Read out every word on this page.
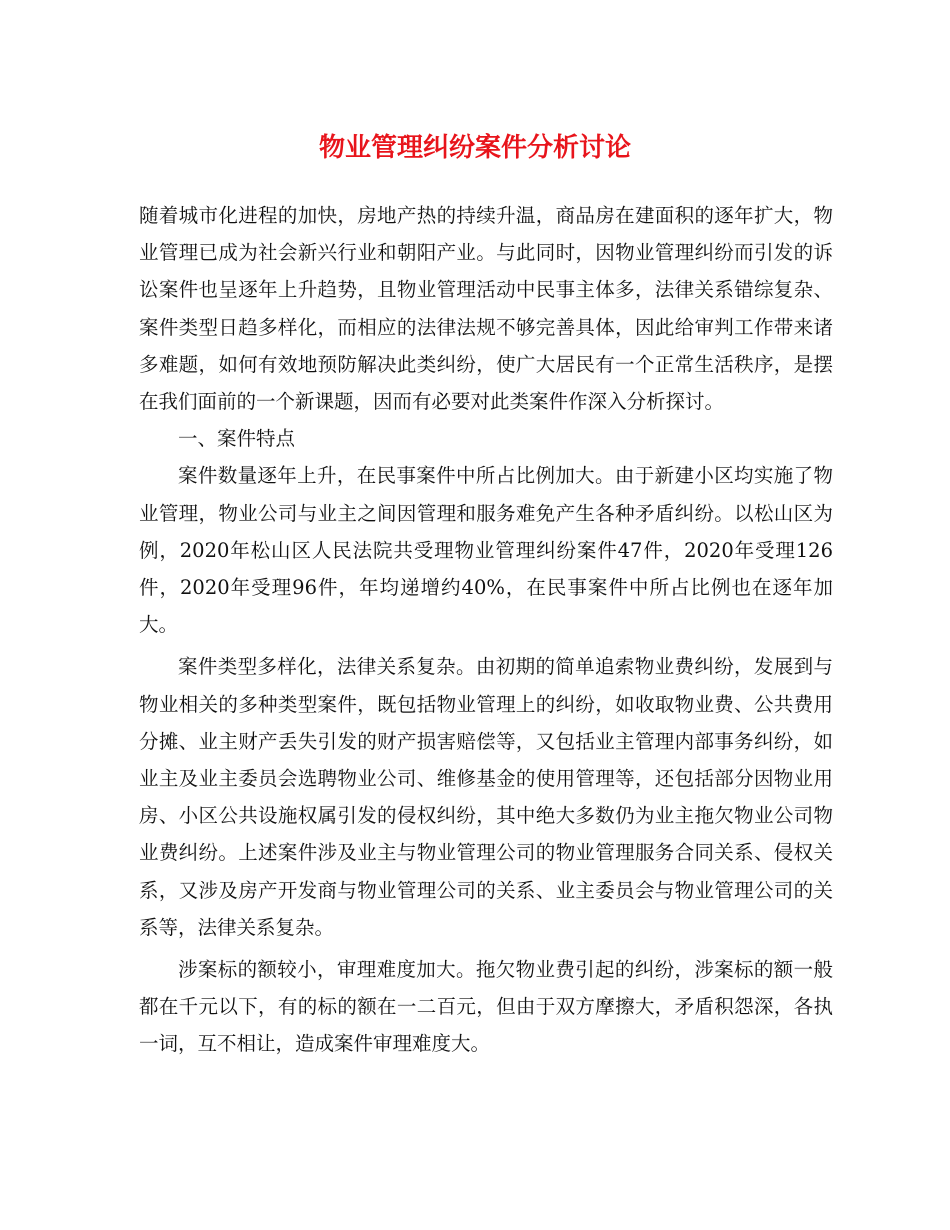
物业管理纠纷案件分析讨论

随着城市化进程的加快，房地产热的持续升温，商品房在建面积的逐年扩大，物业管理已成为社会新兴行业和朝阳产业。与此同时，因物业管理纠纷而引发的诉讼案件也呈逐年上升趋势，且物业管理活动中民事主体多，法律关系错综复杂、案件类型日趋多样化，而相应的法律法规不够完善具体，因此给审判工作带来诸多难题，如何有效地预防解决此类纠纷，使广大居民有一个正常生活秩序，是摆在我们面前的一个新课题，因而有必要对此类案件作深入分析探讨。

一、案件特点

案件数量逐年上升，在民事案件中所占比例加大。由于新建小区均实施了物业管理，物业公司与业主之间因管理和服务难免产生各种矛盾纠纷。以松山区为例，2020年松山区人民法院共受理物业管理纠纷案件47件，2020年受理126件，2020年受理96件，年均递增约40%，在民事案件中所占比例也在逐年加大。

案件类型多样化，法律关系复杂。由初期的简单追索物业费纠纷，发展到与物业相关的多种类型案件，既包括物业管理上的纠纷，如收取物业费、公共费用分摊、业主财产丢失引发的财产损害赔偿等，又包括业主管理内部事务纠纷，如业主及业主委员会选聘物业公司、维修基金的使用管理等，还包括部分因物业用房、小区公共设施权属引发的侵权纠纷，其中绝大多数仍为业主拖欠物业公司物业费纠纷。上述案件涉及业主与物业管理公司的物业管理服务合同关系、侵权关系，又涉及房产开发商与物业管理公司的关系、业主委员会与物业管理公司的关系等，法律关系复杂。

涉案标的额较小，审理难度加大。拖欠物业费引起的纠纷，涉案标的额一般都在千元以下，有的标的额在一二百元，但由于双方摩擦大，矛盾积怨深，各执一词，互不相让，造成案件审理难度大。
